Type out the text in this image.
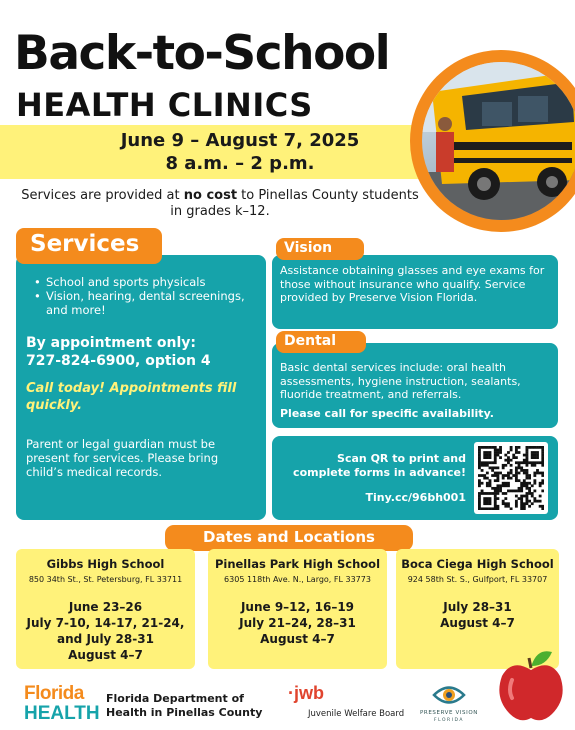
Back-to-School
HEALTH CLINICS
June 9 – August 7, 2025
8 a.m. – 2 p.m.
Services are provided at no cost to Pinellas County students in grades k–12.
• School and sports physicals
• Vision, hearing, dental screenings, and more!
By appointment only:
727-824-6900, option 4
Call today! Appointments fill quickly.
Parent or legal guardian must be present for services. Please bring child’s medical records.
Services
Assistance obtaining glasses and eye exams for those without insurance who qualify. Service provided by Preserve Vision Florida.
Vision
Basic dental services include: oral health assessments, hygiene instruction, sealants, fluoride treatment, and referrals.
Please call for specific availability.
Dental
Scan QR to print and
complete forms in advance!
Tiny.cc/96bh001
Dates and Locations
Gibbs High School
850 34th St., St. Petersburg, FL 33711
June 23–26
July 7-10, 14-17, 21-24,
and July 28-31
August 4–7
Pinellas Park High School
6305 118th Ave. N., Largo, FL 33773
June 9–12, 16–19
July 21–24, 28–31
August 4–7
Boca Ciega High School
924 58th St. S., Gulfport, FL 33707
July 28–31
August 4–7
Florida
HEALTH
Florida Department of
Health in Pinellas County
·jwb
Juvenile Welfare Board	PRESERVE VISION
FLORIDA
